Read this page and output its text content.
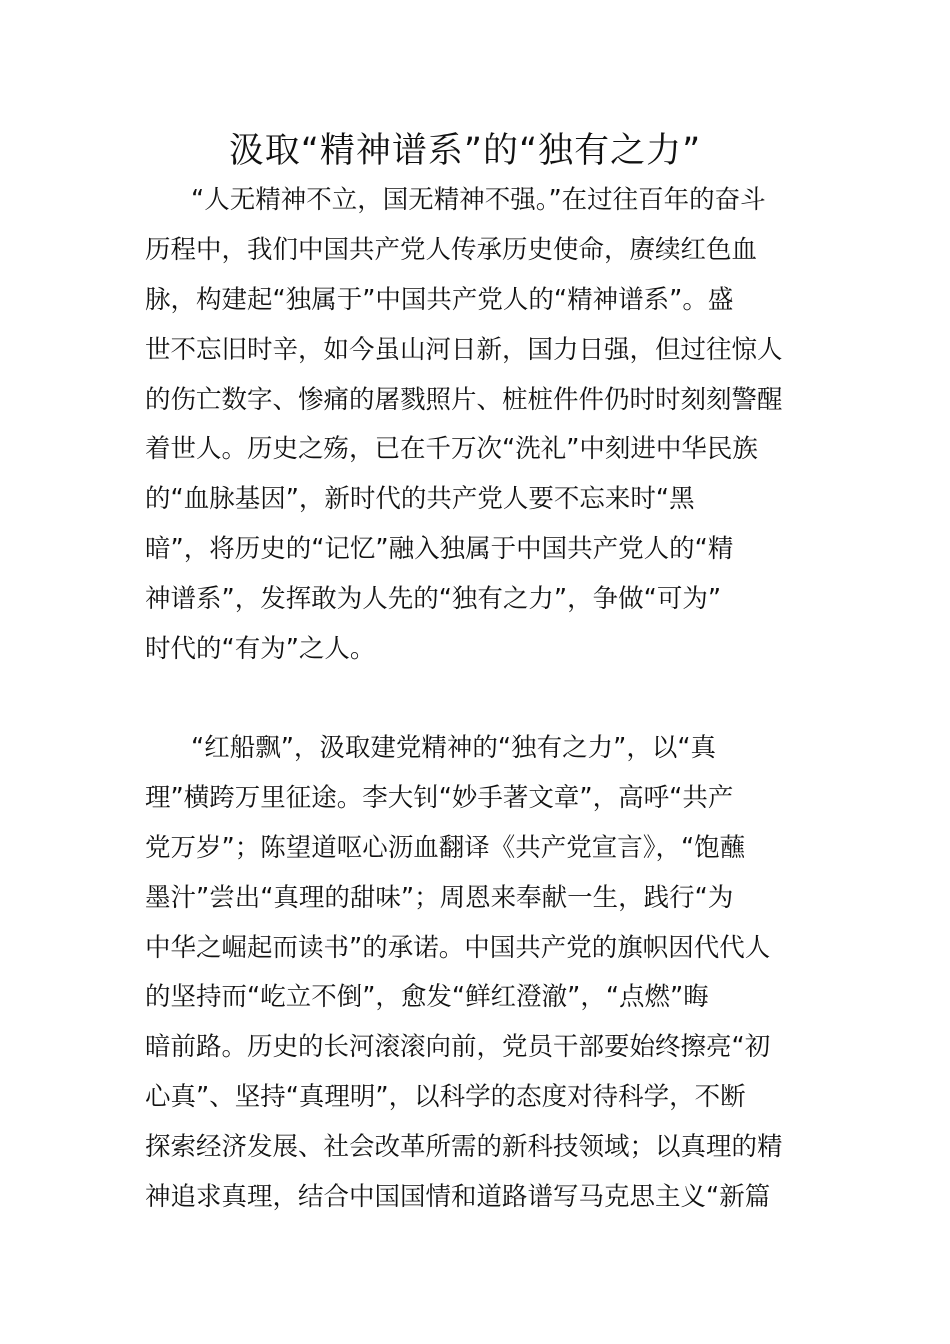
汲取“精神谱系”的“独有之力”
“人无精神不立，国无精神不强。”在过往百年的奋斗
历程中，我们中国共产党人传承历史使命，赓续红色血
脉，构建起“独属于”中国共产党人的“精神谱系”。盛
世不忘旧时辛，如今虽山河日新，国力日强，但过往惊人
的伤亡数字、惨痛的屠戮照片、桩桩件件仍时时刻刻警醒
着世人。历史之殇，已在千万次“洗礼”中刻进中华民族
的“血脉基因”，新时代的共产党人要不忘来时“黑
暗”，将历史的“记忆”融入独属于中国共产党人的“精
神谱系”，发挥敢为人先的“独有之力”，争做“可为”
时代的“有为”之人。
“红船飘”，汲取建党精神的“独有之力”，以“真
理”横跨万里征途。李大钊“妙手著文章”，高呼“共产
党万岁”；陈望道呕心沥血翻译《共产党宣言》，“饱蘸
墨汁”尝出“真理的甜味”；周恩来奉献一生，践行“为
中华之崛起而读书”的承诺。中国共产党的旗帜因代代人
的坚持而“屹立不倒”，愈发“鲜红澄澈”，“点燃”晦
暗前路。历史的长河滚滚向前，党员干部要始终擦亮“初
心真”、坚持“真理明”，以科学的态度对待科学，不断
探索经济发展、社会改革所需的新科技领域；以真理的精
神追求真理，结合中国国情和道路谱写马克思主义“新篇
